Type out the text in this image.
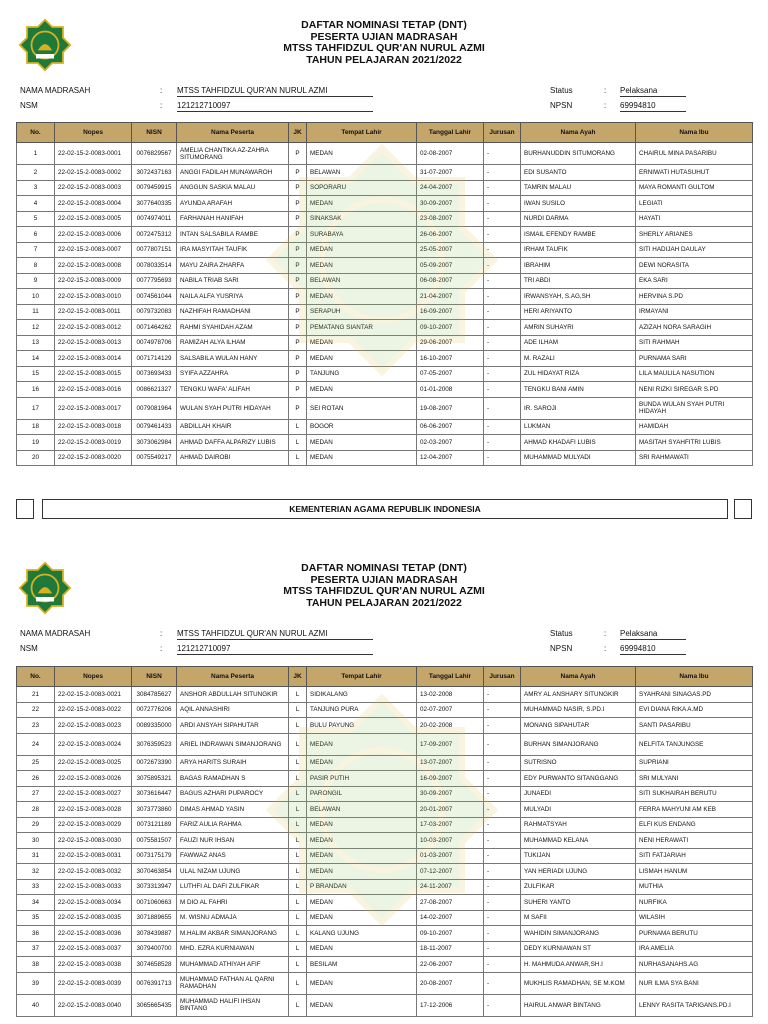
DAFTAR NOMINASI TETAP (DNT)
PESERTA UJIAN MADRASAH
MTSS TAHFIDZUL QUR'AN NURUL AZMI
TAHUN PELAJARAN 2021/2022
NAMA MADRASAH	: MTSS TAHFIDZUL QUR'AN NURUL AZMI
NSM	: 121212710097
Status	: Pelaksana
NPSN	: 69994810
No.	Nopes	NISN	Nama Peserta	JK	Tempat Lahir	Tanggal Lahir	Jurusan	Nama Ayah	Nama Ibu
1	22-02-15-2-0083-0001	0076829567	AMELIA CHANTIKA AZ-ZAHRA SITUMORANG	P	MEDAN	02-08-2007	-	BURHANUDDIN SITUMORANG	CHAIRUL MINA PASARIBU
2	22-02-15-2-0083-0002	3072437163	ANGGI FADILAH MUNAWAROH	P	BELAWAN	31-07-2007	-	EDI SUSANTO	ERNIWATI HUTASUHUT
3	22-02-15-2-0083-0003	0079459915	ANGGUN SASKIA MALAU	P	SOPORARU	24-04-2007	-	TAMRIN MALAU	MAYA ROMANTI GULTOM
4	22-02-15-2-0083-0004	3077640335	AYUNDA ARAFAH	P	MEDAN	30-09-2007	-	IWAN SUSILO	LEGIATI
5	22-02-15-2-0083-0005	0074974011	FARHANAH HANIFAH	P	SINAKSAK	23-08-2007	-	NURDI DARMA	HAYATI
6	22-02-15-2-0083-0006	0072475312	INTAN SALSABILA RAMBE	P	SURABAYA	26-06-2007	-	ISMAIL EFENDY RAMBE	SHERLY ARIANES
7	22-02-15-2-0083-0007	0077807151	IRA MASYITAH TAUFIK	P	MEDAN	25-05-2007	-	IRHAM TAUFIK	SITI HADIJAH DAULAY
8	22-02-15-2-0083-0008	0078033514	MAYU ZAIRA ZHARFA	P	MEDAN	05-09-2007	-	IBRAHIM	DEWI NORASITA
9	22-02-15-2-0083-0009	0077795693	NABILA TRIAB SARI	P	BELAWAN	06-08-2007	-	TRI ABDI	EKA SARI
10	22-02-15-2-0083-0010	0074561044	NAILA ALFA YUSRIYA	P	MEDAN	21-04-2007	-	IRWANSYAH, S.AG,SH	HERVINA S.PD
11	22-02-15-2-0083-0011	0079732083	NAZHIFAH RAMADHANI	P	SERAPUH	16-09-2007	-	HERI ARIYANTO	IRMAYANI
12	22-02-15-2-0083-0012	0071464262	RAHMI SYAHIDAH AZAM	P	PEMATANG SIANTAR	09-10-2007	-	AMRIN SUHAYRI	AZIZAH NORA SARAGIH
13	22-02-15-2-0083-0013	0074978706	RAMIZAH ALYA ILHAM	P	MEDAN	29-06-2007	-	ADE ILHAM	SITI RAHMAH
14	22-02-15-2-0083-0014	0071714129	SALSABILA WULAN HANY	P	MEDAN	16-10-2007	-	M. RAZALI	PURNAMA SARI
15	22-02-15-2-0083-0015	0073693433	SYIFA AZZAHRA	P	TANJUNG	07-05-2007	-	ZUL HIDAYAT RIZA	LILA MAULILA NASUTION
16	22-02-15-2-0083-0016	0086621327	TENGKU WAFA' ALIFAH	P	MEDAN	01-01-2008	-	TENGKU BANI AMIN	NENI RIZKI SIREGAR S.PD
17	22-02-15-2-0083-0017	0079081964	WULAN SYAH PUTRI HIDAYAH	P	SEI ROTAN	19-08-2007	-	IR. SAROJI	BUNDA WULAN SYAH PUTRI HIDAYAH
18	22-02-15-2-0083-0018	0079461433	ABDILLAH KHAIR	L	BOGOR	06-06-2007	-	LUKMAN	HAMIDAH
19	22-02-15-2-0083-0019	3073062984	AHMAD DAFFA ALPARIZY LUBIS	L	MEDAN	02-03-2007	-	AHMAD KHADAFI LUBIS	MASITAH SYAHFITRI LUBIS
20	22-02-15-2-0083-0020	0075549217	AHMAD DAIROBI	L	MEDAN	12-04-2007	-	MUHAMMAD MULYADI	SRI RAHMAWATI
KEMENTERIAN AGAMA REPUBLIK INDONESIA
DAFTAR NOMINASI TETAP (DNT)
PESERTA UJIAN MADRASAH
MTSS TAHFIDZUL QUR'AN NURUL AZMI
TAHUN PELAJARAN 2021/2022
NAMA MADRASAH	: MTSS TAHFIDZUL QUR'AN NURUL AZMI
NSM	: 121212710097
Status	: Pelaksana
NPSN	: 69994810
No.	Nopes	NISN	Nama Peserta	JK	Tempat Lahir	Tanggal Lahir	Jurusan	Nama Ayah	Nama Ibu
21	22-02-15-2-0083-0021	3084785627	ANSHOR ABDULLAH SITUNGKIR	L	SIDIKALANG	13-02-2008	-	AMRY AL ANSHARY SITUNGKIR	SYAHRANI SINAGAS.PD
22	22-02-15-2-0083-0022	0072776206	AQIL ANNASHIRI	L	TANJUNG PURA	02-07-2007	-	MUHAMMAD NASIR, S.PD.I	EVI DIANA RIKA A.MD
23	22-02-15-2-0083-0023	0089335000	ARDI ANSYAH SIPAHUTAR	L	BULU PAYUNG	20-02-2008	-	MONANG SIPAHUTAR	SANTI PASARIBU
24	22-02-15-2-0083-0024	3076359523	ARIEL INDRAWAN SIMANJORANG	L	MEDAN	17-09-2007	-	BURHAN SIMANJORANG	NELFITA TANJUNGSE
25	22-02-15-2-0083-0025	0072673390	ARYA HARITS SURAIH	L	MEDAN	13-07-2007	-	SUTRISNO	SUPRIANI
26	22-02-15-2-0083-0026	3075895321	BAGAS RAMADHAN S	L	PASIR PUTIH	16-09-2007	-	EDY PURWANTO SITANGGANG	SRI MULYANI
27	22-02-15-2-0083-0027	3073616447	BAGUS AZHARI PUPAROCY	L	PARONGIL	30-09-2007	-	JUNAEDI	SITI SUKHAIRAH BERUTU
28	22-02-15-2-0083-0028	3073773860	DIMAS AHMAD YASIN	L	BELAWAN	20-01-2007	-	MULYADI	FERRA MAHYUNI AM KEB
29	22-02-15-2-0083-0029	0073121189	FARIZ AULIA RAHMA	L	MEDAN	17-03-2007	-	RAHMATSYAH	ELFI KUS ENDANG
30	22-02-15-2-0083-0030	0075581507	FAUZI NUR IHSAN	L	MEDAN	10-03-2007	-	MUHAMMAD KELANA	NENI HERAWATI
31	22-02-15-2-0083-0031	0073175179	FAWWAZ ANAS	L	MEDAN	01-03-2007	-	TUKIJAN	SITI FATJARIAH
32	22-02-15-2-0083-0032	3070463854	ULAL NIZAM UJUNG	L	MEDAN	07-12-2007	-	YAN HERIADI UJUNG	LISMAH HANUM
33	22-02-15-2-0083-0033	3073313947	LUTHFI AL DAFI ZULFIKAR	L	P BRANDAN	24-11-2007	-	ZULFIKAR	MUTHIA
34	22-02-15-2-0083-0034	0071060663	M DIO AL FAHRI	L	MEDAN	27-08-2007	-	SUHERI YANTO	NURFIKA
35	22-02-15-2-0083-0035	3071889655	M. WISNU ADMAJA	L	MEDAN	14-02-2007	-	M SAFII	WILASIH
36	22-02-15-2-0083-0036	3078439887	M.HALIM AKBAR SIMANJORANG	L	KALANG UJUNG	09-10-2007	-	WAHIDIN SIMANJORANG	PURNAMA BERUTU
37	22-02-15-2-0083-0037	3079400700	MHD. EZRA KURNIAWAN	L	MEDAN	18-11-2007	-	DEDY KURNIAWAN ST	IRA AMELIA
38	22-02-15-2-0083-0038	3074658528	MUHAMMAD ATHIYAH AFIF	L	BESILAM	22-06-2007	-	H. MAHMUDA ANWAR,SH.I	NURHASANAHS.AG
39	22-02-15-2-0083-0039	0076391713	MUHAMMAD FATHAN AL QARNI RAMADHAN	L	MEDAN	20-08-2007	-	MUKHLIS RAMADHAN, SE M.KOM	NUR ILMA SYA BANI
40	22-02-15-2-0083-0040	3065665435	MUHAMMAD HALIFI IHSAN BINTANG	L	MEDAN	17-12-2006	-	HAIRUL ANWAR BINTANG	LENNY RASITA TARIGANS.PD.I
